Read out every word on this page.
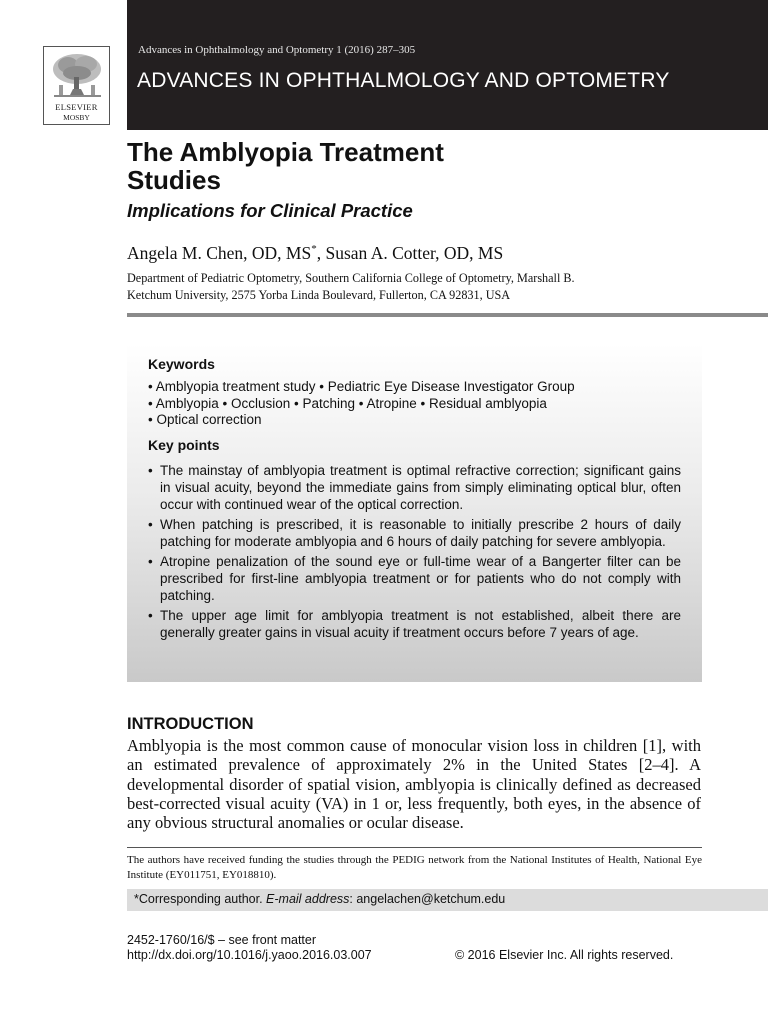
Advances in Ophthalmology and Optometry 1 (2016) 287–305
ADVANCES IN OPHTHALMOLOGY AND OPTOMETRY
ELSEVIER
MOSBY
The Amblyopia Treatment
Studies
Implications for Clinical Practice
Angela M. Chen, OD, MS*, Susan A. Cotter, OD, MS
Department of Pediatric Optometry, Southern California College of Optometry, Marshall B.
Ketchum University, 2575 Yorba Linda Boulevard, Fullerton, CA 92831, USA
Keywords
• Amblyopia treatment study • Pediatric Eye Disease Investigator Group
• Amblyopia • Occlusion • Patching • Atropine • Residual amblyopia
• Optical correction
Key points
• The mainstay of amblyopia treatment is optimal refractive correction; significant gains in visual acuity, beyond the immediate gains from simply eliminating optical blur, often occur with continued wear of the optical correction.
• When patching is prescribed, it is reasonable to initially prescribe 2 hours of daily patching for moderate amblyopia and 6 hours of daily patching for severe amblyopia.
• Atropine penalization of the sound eye or full-time wear of a Bangerter filter can be prescribed for first-line amblyopia treatment or for patients who do not comply with patching.
• The upper age limit for amblyopia treatment is not established, albeit there are generally greater gains in visual acuity if treatment occurs before 7 years of age.
INTRODUCTION
Amblyopia is the most common cause of monocular vision loss in children [1], with an estimated prevalence of approximately 2% in the United States [2–4]. A developmental disorder of spatial vision, amblyopia is clinically defined as decreased best-corrected visual acuity (VA) in 1 or, less frequently, both eyes, in the absence of any obvious structural anomalies or ocular disease.
The authors have received funding the studies through the PEDIG network from the National Institutes of Health, National Eye Institute (EY011751, EY018810).
*Corresponding author. E-mail address: angelachen@ketchum.edu
2452-1760/16/$ – see front matter
http://dx.doi.org/10.1016/j.yaoo.2016.03.007	© 2016 Elsevier Inc. All rights reserved.
